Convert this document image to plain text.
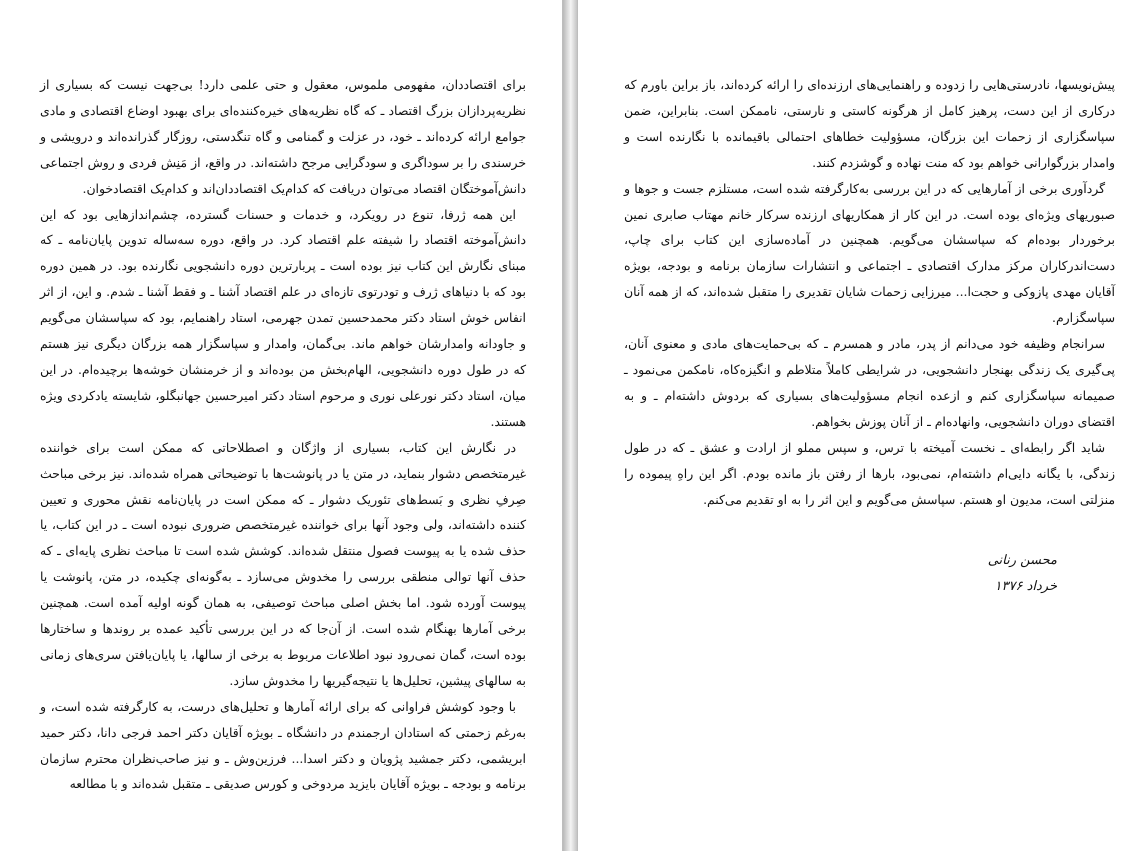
برای اقتصاددان، مفهومی ملموس، معقول و حتی علمی دارد! بی‌جهت نیست که بسیاری از نظریه‌پردازان بزرگ اقتصاد ـ که گاه نظریه‌های خیره‌کننده‌ای برای بهبود اوضاع اقتصادی و مادی جوامع ارائه کرده‌اند ـ خود، در عزلت و گمنامی و گاه تنگدستی، روزگار گذرانده‌اند و درویشی و خرسندی را بر سوداگری و سودگرایی مرجح داشته‌اند. در واقع، از مَنِش فردی و روش اجتماعی دانش‌آموختگان اقتصاد می‌توان دریافت که کدام‌یک اقتصاددان‌اند و کدام‌یک اقتصادخوان.

این همه ژرفا، تنوع در رویکرد، و خدمات و حسنات گسترده، چشم‌اندازهایی بود که این دانش‌آموخته اقتصاد را شیفته علم اقتصاد کرد. در واقع، دوره سه‌ساله تدوین پایان‌نامه ـ که مبنای نگارش این کتاب نیز بوده است ـ پربارترین دوره دانشجویی نگارنده بود. در همین دوره بود که با دنیاهای ژرف و تودرتوی تازه‌ای در علم اقتصاد آشنا ـ و فقط آشنا ـ شدم. و این، از اثر انفاس خوش استاد دکتر محمدحسین تمدن جهرمی، استاد راهنمایم، بود که سپاسشان می‌گویم و جاودانه وامدارشان خواهم ماند. بی‌گمان، وامدار و سپاسگزار همه بزرگان دیگری نیز هستم که در طول دوره دانشجویی، الهام‌بخش من بوده‌اند و از خرمنشان خوشه‌ها برچیده‌ام. در این میان، استاد دکتر نورعلی نوری و مرحوم استاد دکتر امیرحسین جهانبگلو، شایسته یادکردی ویژه هستند.

در نگارش این کتاب، بسیاری از واژگان و اصطلاحاتی که ممکن است برای خواننده غیرمتخصص دشوار بنماید، در متن یا در پانوشت‌ها با توضیحاتی همراه شده‌اند. نیز برخی مباحث صِرفِ نظری و بَسط‌های تئوریک دشوار ـ که ممکن است در پایان‌نامه نقش محوری و تعیین کننده داشته‌اند، ولی وجود آنها برای خواننده غیرمتخصص ضروری نبوده است ـ در این کتاب، یا حذف شده یا به پیوست فصول منتقل شده‌اند. کوشش شده است تا مباحث نظری پایه‌ای ـ که حذف آنها توالی منطقی بررسی را مخدوش می‌سازد ـ به‌گونه‌ای چکیده، در متن، پانوشت یا پیوست آورده شود. اما بخش اصلی مباحث توصیفی، به همان گونه اولیه آمده است. همچنین برخی آمارها بهنگام شده است. از آن‌جا که در این بررسی تأکید عمده بر روندها و ساختارها بوده است، گمان نمی‌رود نبود اطلاعات مربوط به برخی از سالها، یا پایان‌یافتن سری‌های زمانی به سالهای پیشین، تحلیل‌ها یا نتیجه‌گیریها را مخدوش سازد.

با وجود کوشش فراوانی که برای ارائه آمارها و تحلیل‌های درست، به کارگرفته شده است، و به‌رغم زحمتی که استادان ارجمندم در دانشگاه ـ بویژه آقایان دکتر احمد فرجی دانا، دکتر حمید ابریشمی، دکتر جمشید پژویان و دکتر اسدا... فرزین‌وش ـ و نیز صاحب‌نظران محترم سازمان برنامه و بودجه ـ بویژه آقایان بایزید مردوخی و کورس صدیقی ـ متقبل شده‌اند و با مطالعه

پیش‌نویسها، نادرستی‌هایی را زدوده و راهنمایی‌های ارزنده‌ای را ارائه کرده‌اند، باز براین باورم که درکاری از این دست، پرهیز کامل از هرگونه کاستی و نارستی، ناممکن است. بنابراین، ضمن سپاسگزاری از زحمات این بزرگان، مسؤولیت خطاهای احتمالی باقیمانده با نگارنده است و وامدار بزرگوارانی خواهم بود که منت نهاده و گوشزدم کنند.

گردآوری برخی از آمارهایی که در این بررسی به‌کارگرفته شده است، مستلزم جست و جوها و صبوریهای ویژه‌ای بوده است. در این کار از همکاریهای ارزنده سرکار خانم مهتاب صابری نمین برخوردار بوده‌ام که سپاسشان می‌گویم. همچنین در آماده‌سازی این کتاب برای چاپ، دست‌اندرکاران مرکز مدارک اقتصادی ـ اجتماعی و انتشارات سازمان برنامه و بودجه، بویژه آقایان مهدی پازوکی و حجت‌ا... میرزایی زحمات شایان تقدیری را متقبل شده‌اند، که از همه آنان سپاسگزارم.

سرانجام وظیفه خود می‌دانم از پدر، مادر و همسرم ـ که بی‌حمایت‌های مادی و معنوی آنان، پی‌گیری یک زندگی بهنجار دانشجویی، در شرایطی کاملاً متلاطم و انگیزه‌کاه، نامکمن می‌نمود ـ صمیمانه سپاسگزاری کنم و ازعده انجام مسؤولیت‌های بسیاری که بردوش داشته‌ام ـ و به اقتضای دوران دانشجویی، وانهاده‌ام ـ از آنان پوزش بخواهم.

شاید اگر رابطه‌ای ـ نخست آمیخته با ترس، و سپس مملو از ارادت و عشق ـ که در طول زندگی، با یگانه دایی‌ام داشته‌ام، نمی‌بود، بارها از رفتن باز مانده بودم. اگر این راهِ پیموده را منزلتی است، مدیون او هستم. سپاسش می‌گویم و این اثر را به او تقدیم می‌کنم.

محسن رنانی
خرداد ۱۳۷۶
